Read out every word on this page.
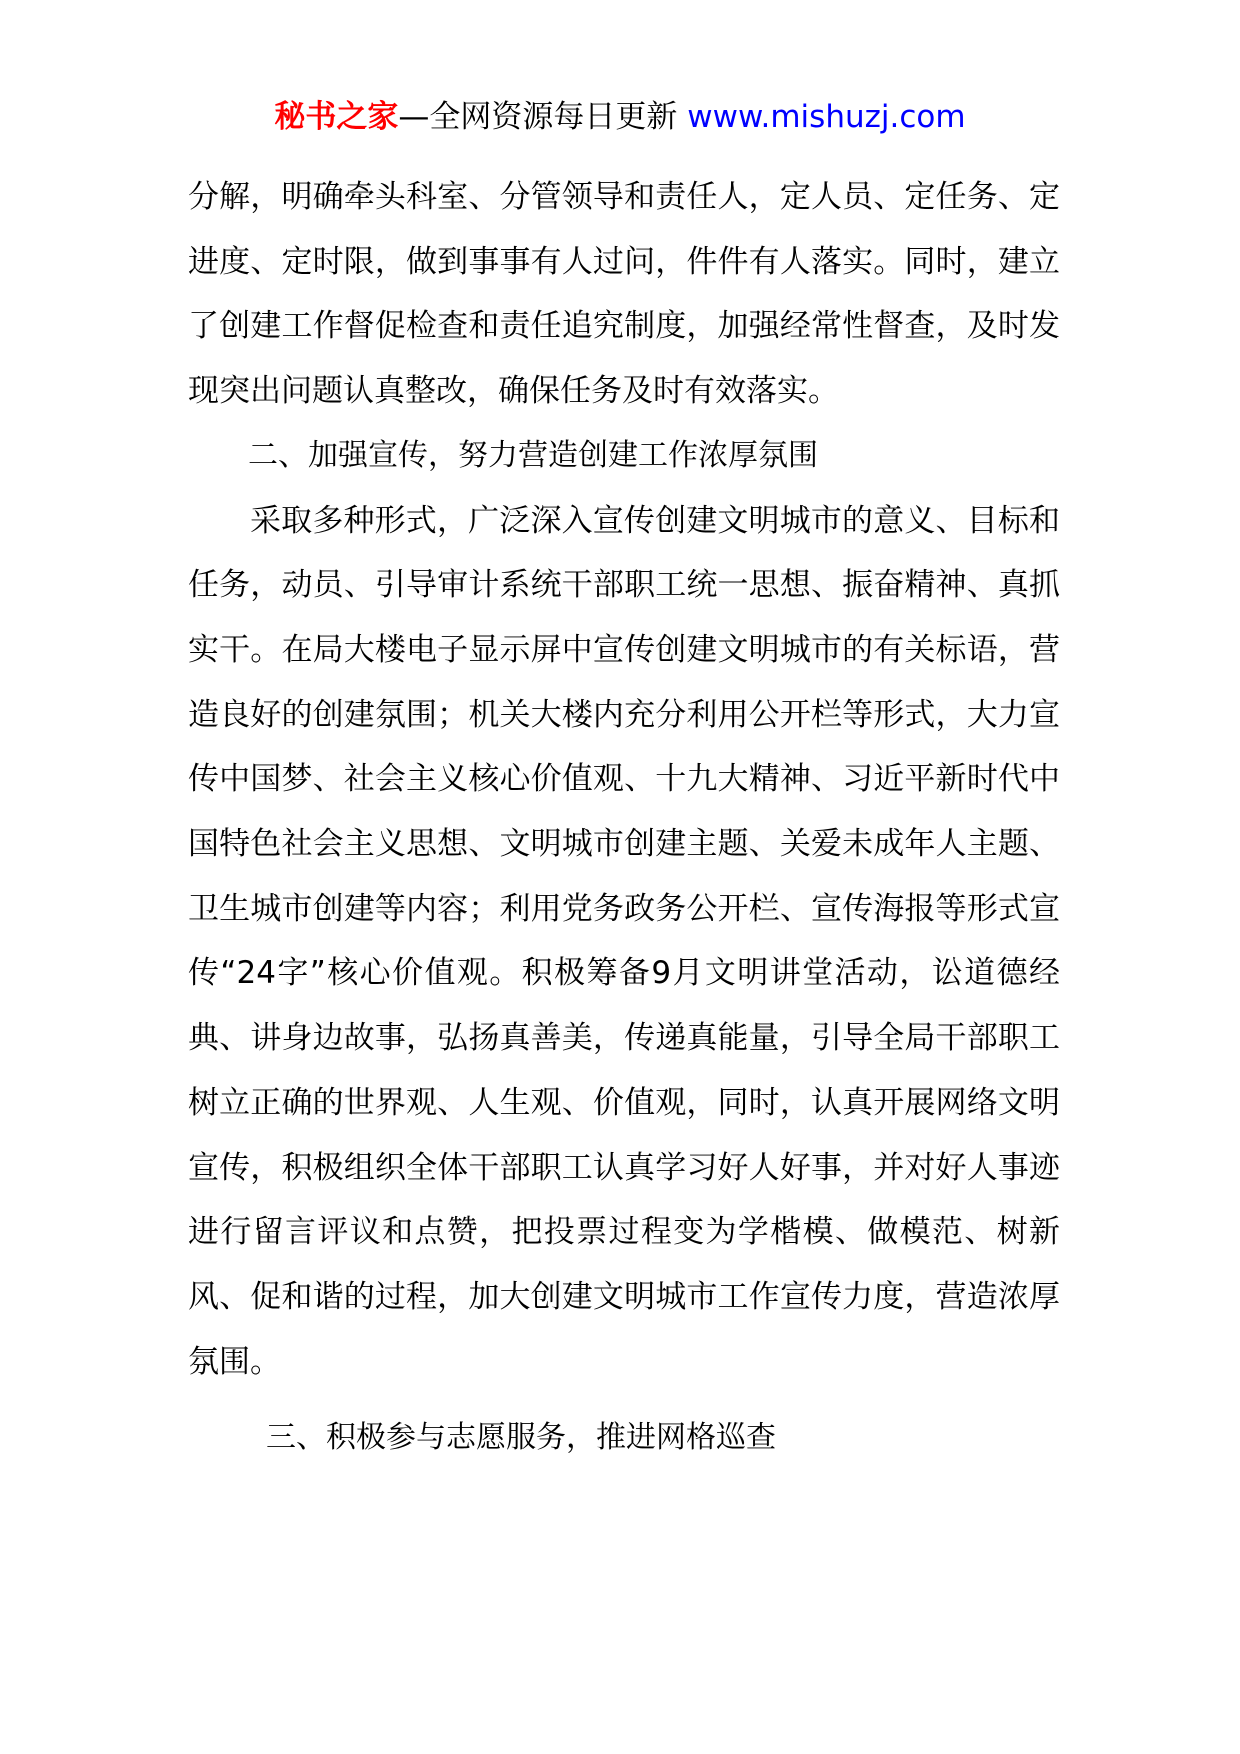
秘书之家—全网资源每日更新 www.mishuzj.com

分解，明确牵头科室、分管领导和责任人，定人员、定任务、定进度、定时限，做到事事有人过问，件件有人落实。同时，建立了创建工作督促检查和责任追究制度，加强经常性督查，及时发现突出问题认真整改，确保任务及时有效落实。

二、加强宣传，努力营造创建工作浓厚氛围

采取多种形式，广泛深入宣传创建文明城市的意义、目标和任务，动员、引导审计系统干部职工统一思想、振奋精神、真抓实干。在局大楼电子显示屏中宣传创建文明城市的有关标语，营造良好的创建氛围；机关大楼内充分利用公开栏等形式，大力宣传中国梦、社会主义核心价值观、十九大精神、习近平新时代中国特色社会主义思想、文明城市创建主题、关爱未成年人主题、卫生城市创建等内容；利用党务政务公开栏、宣传海报等形式宣传“24字”核心价值观。积极筹备9月文明讲堂活动，讼道德经典、讲身边故事，弘扬真善美，传递真能量，引导全局干部职工树立正确的世界观、人生观、价值观，同时，认真开展网络文明宣传，积极组织全体干部职工认真学习好人好事，并对好人事迹进行留言评议和点赞，把投票过程变为学楷模、做模范、树新风、促和谐的过程，加大创建文明城市工作宣传力度，营造浓厚氛围。

三、积极参与志愿服务，推进网格巡查
